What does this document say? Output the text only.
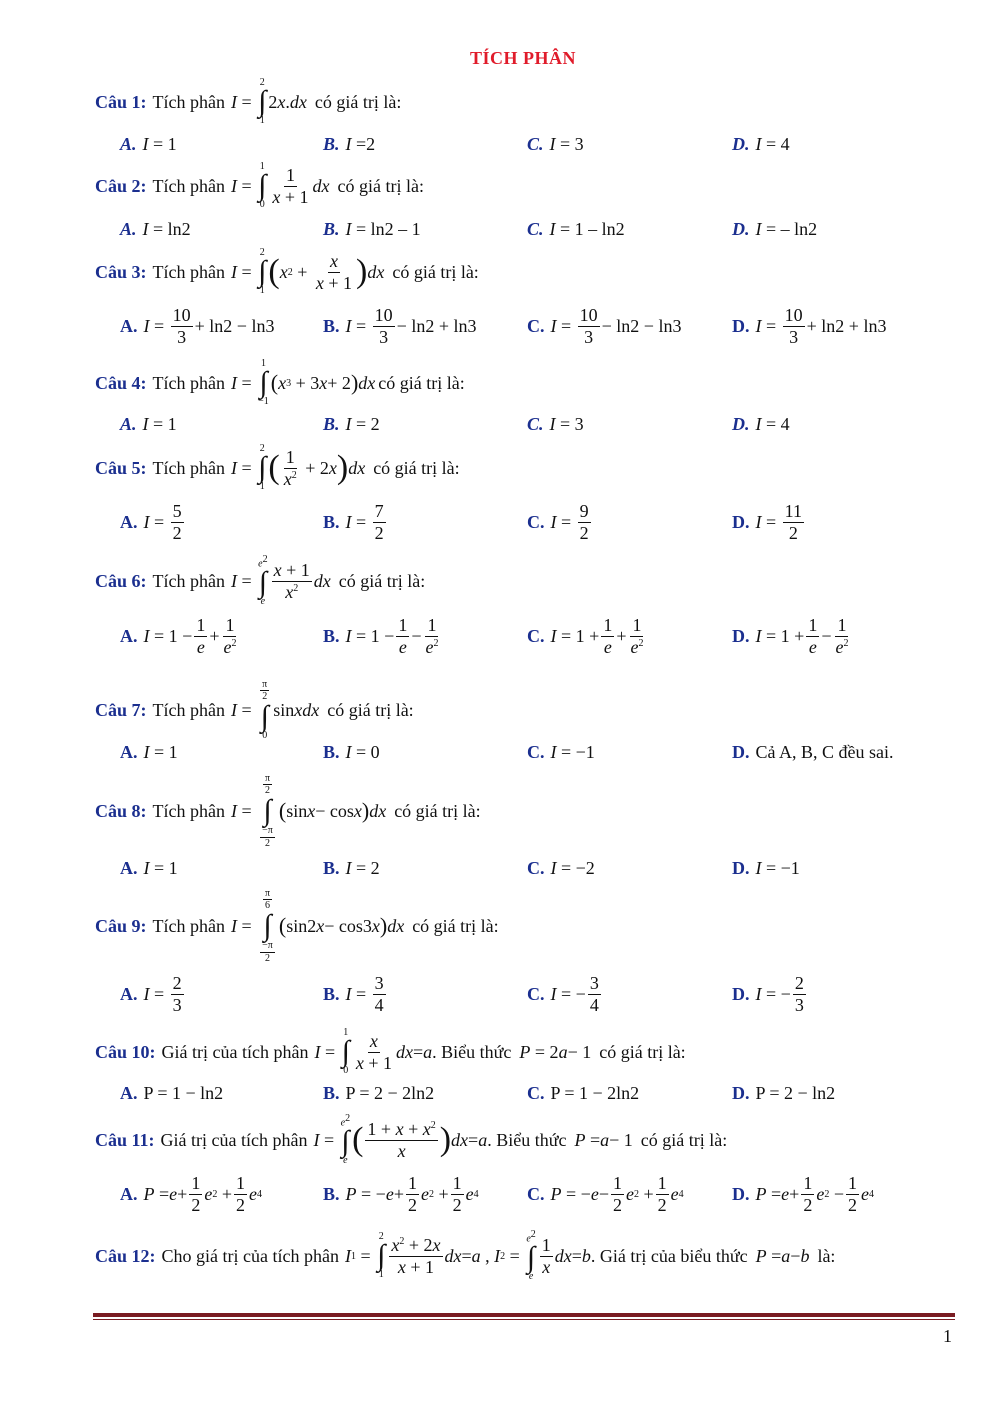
TÍCH PHÂN
Câu 1: Tích phân I =
2
∫
1
2 x . dx có giá trị là:
A. I = 1	B. I =2	C. I = 3	D. I = 4
Câu 2: Tích phân I =
1
∫
$0 \frac{1}{x + 1}$ dx có giá trị là:
A. I = ln2	B. I = ln2 – 1	C. I = 1 – ln2	D. I = – ln2
Câu 3: Tích phân I =
2
∫
1
( x $2 + \frac{x}{x + 1}$ ) dx có giá trị là:
A. $I = \frac{10}{3} + \ln 2 - \ln 3$	B. $I = \frac{10}{3} - \ln 2 + \ln 3$	C. $I = \frac{10}{3} - \ln 2 - \ln 3$	D. $I = \frac{10}{3} + \ln 2 + \ln 3$
Câu 4: Tích phân I =
1
∫
−1
( x 3 + 3 x + 2 ) dx có giá trị là:
A. I = 1	B. I = 2	C. I = 3	D. I = 4
Câu 5: Tích phân I =
2
∫
1
( $\frac{1}{x^2} + 2$ x ) dx có giá trị là:
A. $I = \frac{5}{2}$	B. $I = \frac{7}{2}$	C. $I = \frac{9}{2}$	D. $I = \frac{11}{2}$
Câu 6: Tích phân I =
$e^2$
∫
e $\frac{x + 1}{x^2}$ dx có giá trị là:
A. $I = 1 - \frac{1}{e} + \frac{1}{e^2}$	B. $I = 1 - \frac{1}{e} - \frac{1}{e^2}$	C. $I = 1 + \frac{1}{e} + \frac{1}{e^2}$	D. $I = 1 + \frac{1}{e} - \frac{1}{e^2}$
Câu 7: Tích phân I =
$\frac{\pi}{2}$
∫
0
sin xdx có giá trị là:
A. I = 1	B. I = 0	C. I = −1	D. Cả A, B, C đều sai.
Câu 8: Tích phân I =
$\frac{\pi}{2}$
∫
$\frac{-\pi}{2}$
( sin x − cos x ) dx có giá trị là:
A. I = 1	B. I = 2	C. I = −2	D. I = −1
Câu 9: Tích phân I =
$\frac{\pi}{6}$
∫
$\frac{-\pi}{2}$
( sin2 x − cos3 x ) dx có giá trị là:
A. $I = \frac{2}{3}$	B. $I = \frac{3}{4}$	C. I = − $\frac{3}{4}$	D. I = − $\frac{2}{3}$
Câu 10: Giá trị của tích phân I =
1
∫
$0 \frac{x}{x + 1}$ dx = a . Biểu thức P = 2 a − 1 có giá trị là:
A. P = 1 − ln2	B. P = 2 − 2ln2	C. P = 1 − 2ln2	D. P = 2 − ln2
Câu 11: Giá trị của tích phân I =
$e^2$
∫
e
( $\frac{1 + x + x^2}{x}$ ) dx = a . Biểu thức P = a − 1 có giá trị là:
A. $P = e + \frac{1}{2}$ e $2 + \frac{1}{2}$ e 4	B. P = − $e + \frac{1}{2}$ e $2 + \frac{1}{2}$ e 4	C. P = − $e - \frac{1}{2}$ e $2 + \frac{1}{2}$ e 4	D. $P = e + \frac{1}{2}$ e $2 - \frac{1}{2}$ e 4
Câu 12: Cho giá trị của tích phân I 1 =
2
∫
$1 \frac{x^2 + 2x}{x + 1}$ dx = a , I 2 =
$e^2$
∫
e $\frac{1}{x}$ dx = b . Giá trị của biểu thức P = a − b là:
1
